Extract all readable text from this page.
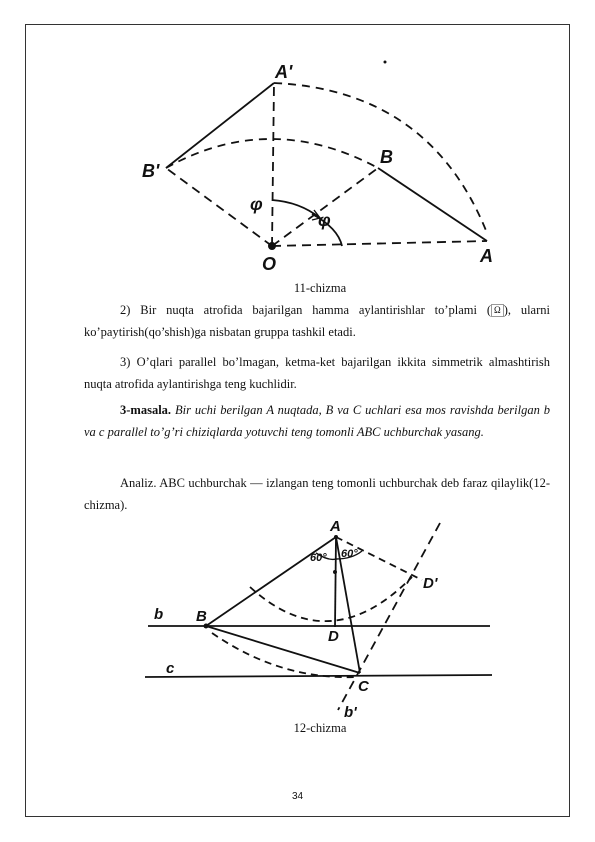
A'
B'
B
A
O
φ
φ
11-chizma

2) Bir nuqta atrofida bajarilgan hamma aylantirishlar to’plami ( Ω ), ularni ko’paytirish(qo’shish)ga nisbatan gruppa tashkil etadi.

3) O’qlari parallel bo’lmagan, ketma-ket bajarilgan ikkita simmetrik almashtirish nuqta atrofida aylantirishga teng kuchlidir.

3-masala. Bir uchi berilgan A nuqtada, B va C uchlari esa mos ravishda berilgan b va c parallel to’g’ri chiziqlarda yotuvchi teng tomonli ABC uchburchak yasang.

Analiz. ABC uchburchak — izlangan teng tomonli uchburchak deb faraz qilaylik(12-chizma).

A
60° 60°
D'
b B
D
c
C
b'
12-chizma
34
